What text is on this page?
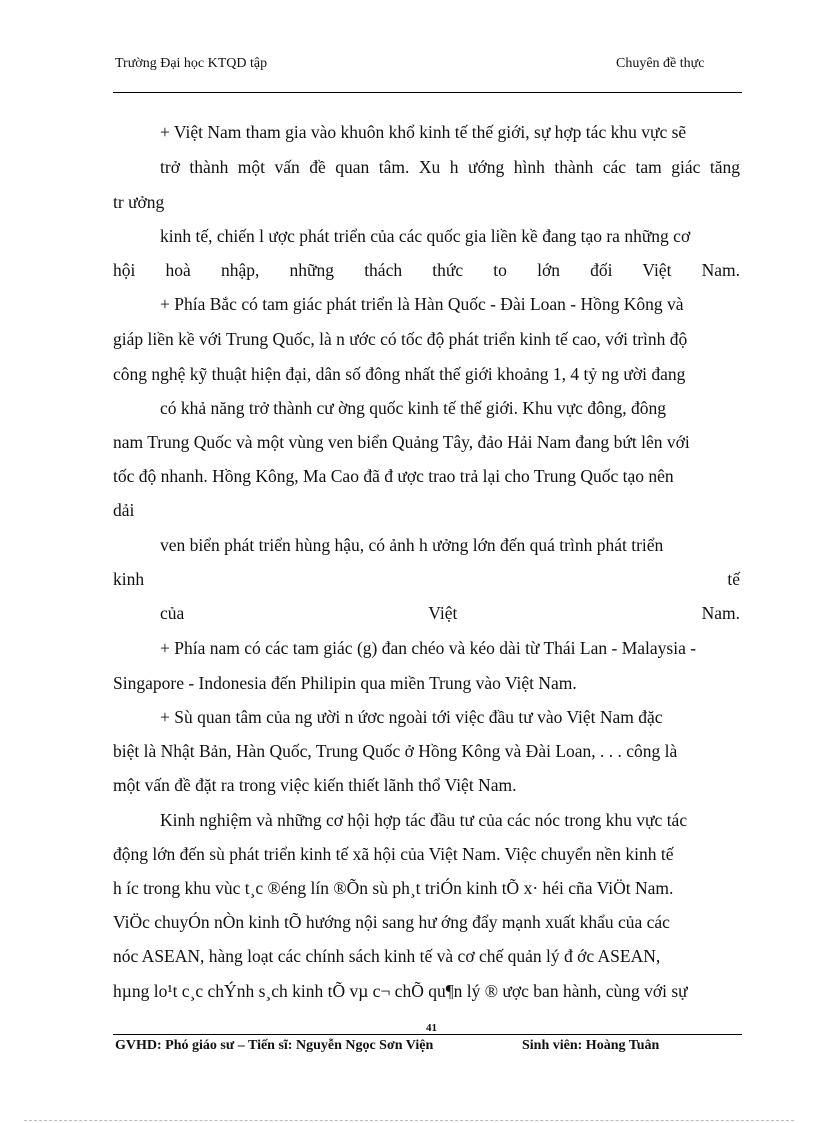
Trường Đại học KTQD tập	Chuyên đề thực
+ Việt Nam tham gia vào khuôn khổ kinh tế thế giới, sự hợp tác khu vực sẽ
trở thành một vấn đề quan tâm. Xu h ướng hình thành các tam giác tăng
tr ưởng
kinh tế, chiến l ược phát triển của các quốc gia liền kề đang tạo ra những cơ
hội hoà nhập, những thách thức to lớn đối Việt Nam.
+ Phía Bắc có tam giác phát triển là Hàn Quốc - Đài Loan - Hồng Kông và
giáp liền kề với Trung Quốc, là n ước có tốc độ phát triển kinh tế cao, với trình độ
công nghệ kỹ thuật hiện đại, dân số đông nhất thế giới khoảng 1, 4 tỷ ng ười đang
có khả năng trở thành cư ờng quốc kinh tế thế giới. Khu vực đông, đông
nam Trung Quốc và một vùng ven biển Quảng Tây, đảo Hải Nam đang bứt lên với
tốc độ nhanh. Hồng Kông, Ma Cao đã đ ược trao trả lại cho Trung Quốc tạo nên
dải
ven biển phát triển hùng hậu, có ảnh h ưởng lớn đến quá trình phát triển
kinh tế
của Việt Nam.
+ Phía nam có các tam giác (g) đan chéo và kéo dài từ Thái Lan - Malaysia -
Singapore - Indonesia đến Philipin qua miền Trung vào Việt Nam.
+ Sù quan tâm của ng ười n ứơc ngoài tới việc đầu tư vào Việt Nam đặc
biệt là Nhật Bản, Hàn Quốc, Trung Quốc ở Hồng Kông và Đài Loan, . . . công là
một vấn đề đặt ra trong việc kiến thiết lãnh thổ Việt Nam.
Kinh nghiệm và những cơ hội hợp tác đầu tư của các nóc trong khu vực tác
động lớn đến sù phát triển kinh tế xã hội của Việt Nam. Việc chuyển nền kinh tế
h íc trong khu vùc t¸c ®éng lín ®Õn sù ph¸t triÓn kinh tÕ x· héi cña ViÖt Nam.
ViÖc chuyÓn nÒn kinh tÕ hướng nội sang hư ớng đẩy mạnh xuất khẩu của các
nóc ASEAN, hàng loạt các chính sách kinh tế và cơ chế quản lý đ ớc ASEAN,
hµng lo¹t c¸c chÝnh s¸ch kinh tÕ vµ c¬ chÕ qu¶n lý ® ược ban hành, cùng với sự
41
GVHD: Phó giáo sư – Tiến sĩ: Nguyễn Ngọc Sơn Viện	Sinh viên: Hoàng Tuân
